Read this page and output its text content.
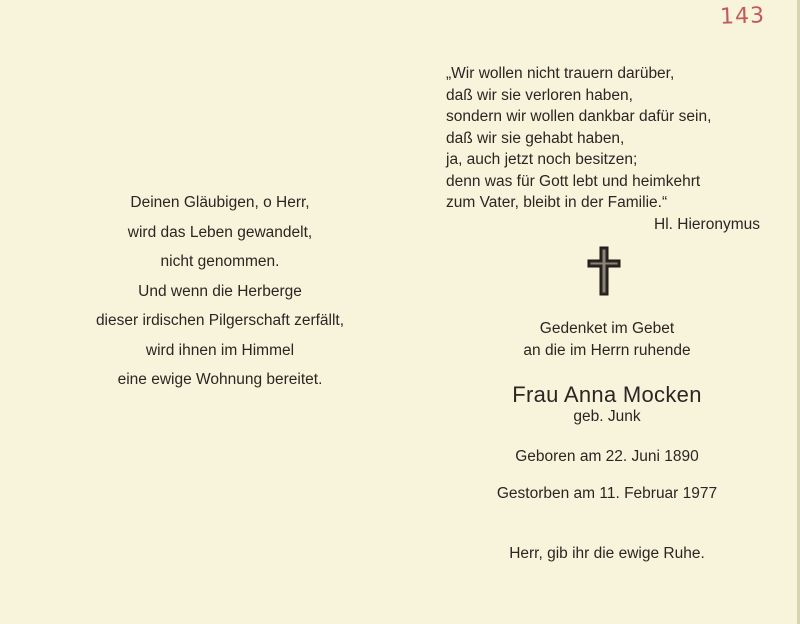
143
Deinen Gläubigen, o Herr,
wird das Leben gewandelt,
nicht genommen.
Und wenn die Herberge
dieser irdischen Pilgerschaft zerfällt,
wird ihnen im Himmel
eine ewige Wohnung bereitet.
„Wir wollen nicht trauern darüber,
daß wir sie verloren haben,
sondern wir wollen dankbar dafür sein,
daß wir sie gehabt haben,
ja, auch jetzt noch besitzen;
denn was für Gott lebt und heimkehrt
zum Vater, bleibt in der Familie.“
Hl. Hieronymus
Gedenket im Gebet
an die im Herrn ruhende
Frau Anna Mocken
geb. Junk
Geboren am 22. Juni 1890
Gestorben am 11. Februar 1977
Herr, gib ihr die ewige Ruhe.
